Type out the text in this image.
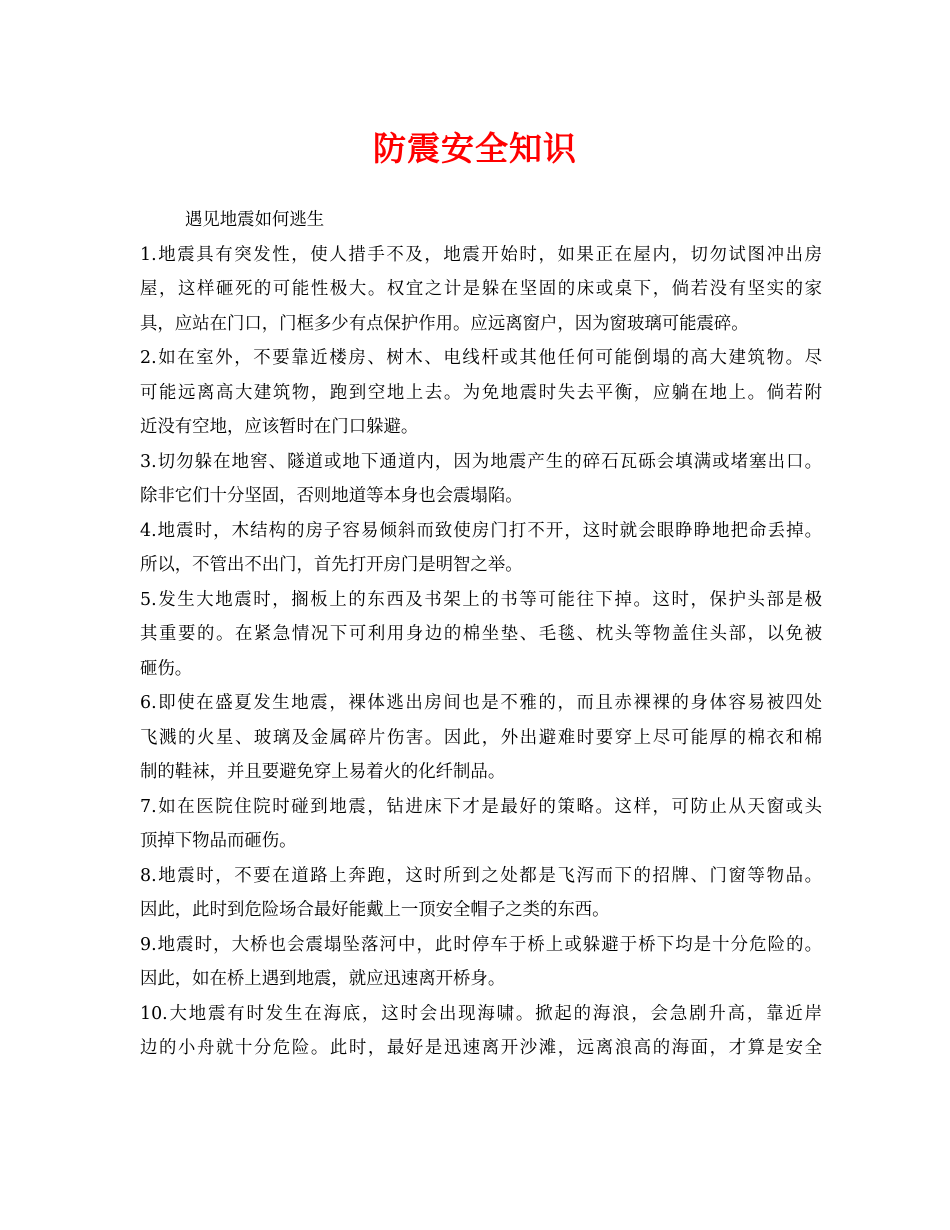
防震安全知识

遇见地震如何逃生

1.地震具有突发性，使人措手不及，地震开始时，如果正在屋内，切勿试图冲出房
屋，这样砸死的可能性极大。权宜之计是躲在坚固的床或桌下，倘若没有坚实的家
具，应站在门口，门框多少有点保护作用。应远离窗户，因为窗玻璃可能震碎。

2.如在室外，不要靠近楼房、树木、电线杆或其他任何可能倒塌的高大建筑物。尽
可能远离高大建筑物，跑到空地上去。为免地震时失去平衡，应躺在地上。倘若附
近没有空地，应该暂时在门口躲避。

3.切勿躲在地窖、隧道或地下通道内，因为地震产生的碎石瓦砾会填满或堵塞出口。
除非它们十分坚固，否则地道等本身也会震塌陷。

4.地震时，木结构的房子容易倾斜而致使房门打不开，这时就会眼睁睁地把命丢掉。
所以，不管出不出门，首先打开房门是明智之举。

5.发生大地震时，搁板上的东西及书架上的书等可能往下掉。这时，保护头部是极
其重要的。在紧急情况下可利用身边的棉坐垫、毛毯、枕头等物盖住头部，以免被
砸伤。

6.即使在盛夏发生地震，裸体逃出房间也是不雅的，而且赤裸裸的身体容易被四处
飞溅的火星、玻璃及金属碎片伤害。因此，外出避难时要穿上尽可能厚的棉衣和棉
制的鞋袜，并且要避免穿上易着火的化纤制品。

7.如在医院住院时碰到地震，钻进床下才是最好的策略。这样，可防止从天窗或头
顶掉下物品而砸伤。

8.地震时，不要在道路上奔跑，这时所到之处都是飞泻而下的招牌、门窗等物品。
因此，此时到危险场合最好能戴上一顶安全帽子之类的东西。

9.地震时，大桥也会震塌坠落河中，此时停车于桥上或躲避于桥下均是十分危险的。
因此，如在桥上遇到地震，就应迅速离开桥身。

10.大地震有时发生在海底，这时会出现海啸。掀起的海浪，会急剧升高，靠近岸
边的小舟就十分危险。此时，最好是迅速离开沙滩，远离浪高的海面，才算是安全
